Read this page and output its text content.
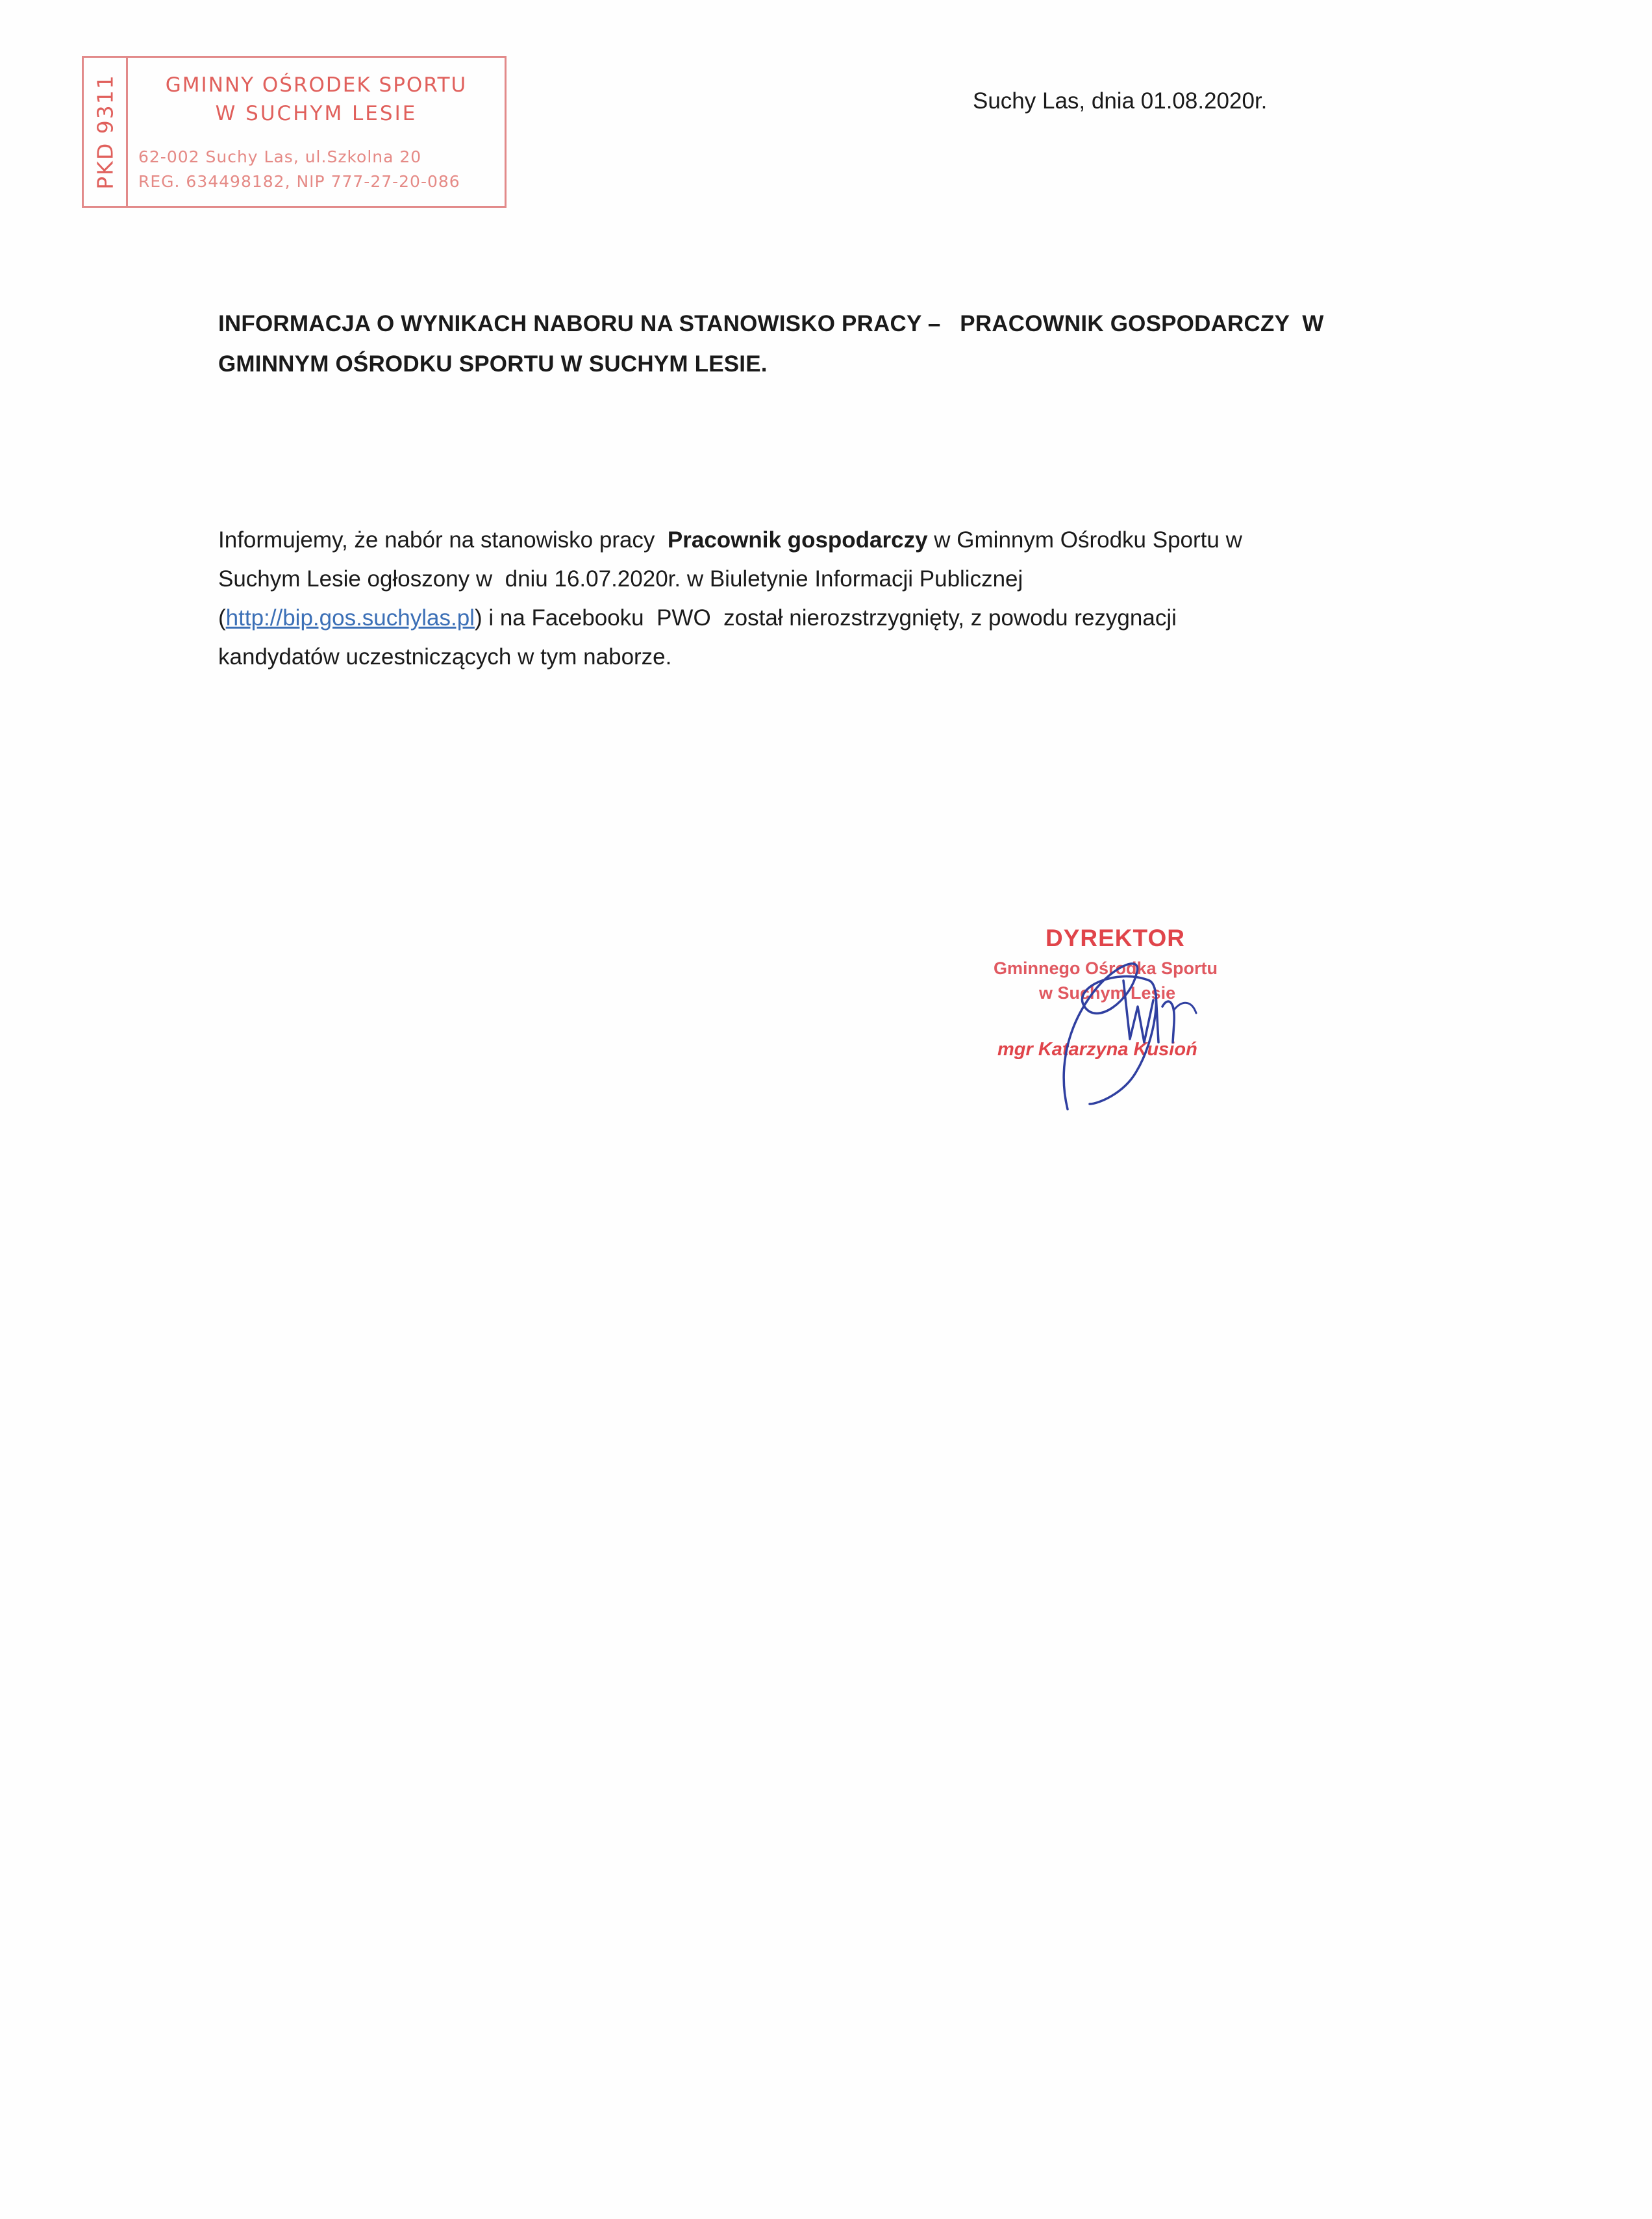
PKD 9311	GMINNY OŚRODEK SPORTU
W SUCHYM LESIE
62-002 Suchy Las, ul.Szkolna 20
REG. 634498182, NIP 777-27-20-086
Suchy Las, dnia 01.08.2020r.
INFORMACJA O WYNIKACH NABORU NA STANOWISKO PRACY –   PRACOWNIK GOSPODARCZY  W
GMINNYM OŚRODKU SPORTU W SUCHYM LESIE.
Informujemy, że nabór na stanowisko pracy  Pracownik gospodarczy w Gminnym Ośrodku Sportu w
Suchym Lesie ogłoszony w  dniu 16.07.2020r. w Biuletynie Informacji Publicznej
(http://bip.gos.suchylas.pl) i na Facebooku  PWO  został nierozstrzygnięty, z powodu rezygnacji
kandydatów uczestniczących w tym naborze.
DYREKTOR
Gminnego Ośrodka Sportu
w Suchym Lesie
mgr Katarzyna Kusioń
